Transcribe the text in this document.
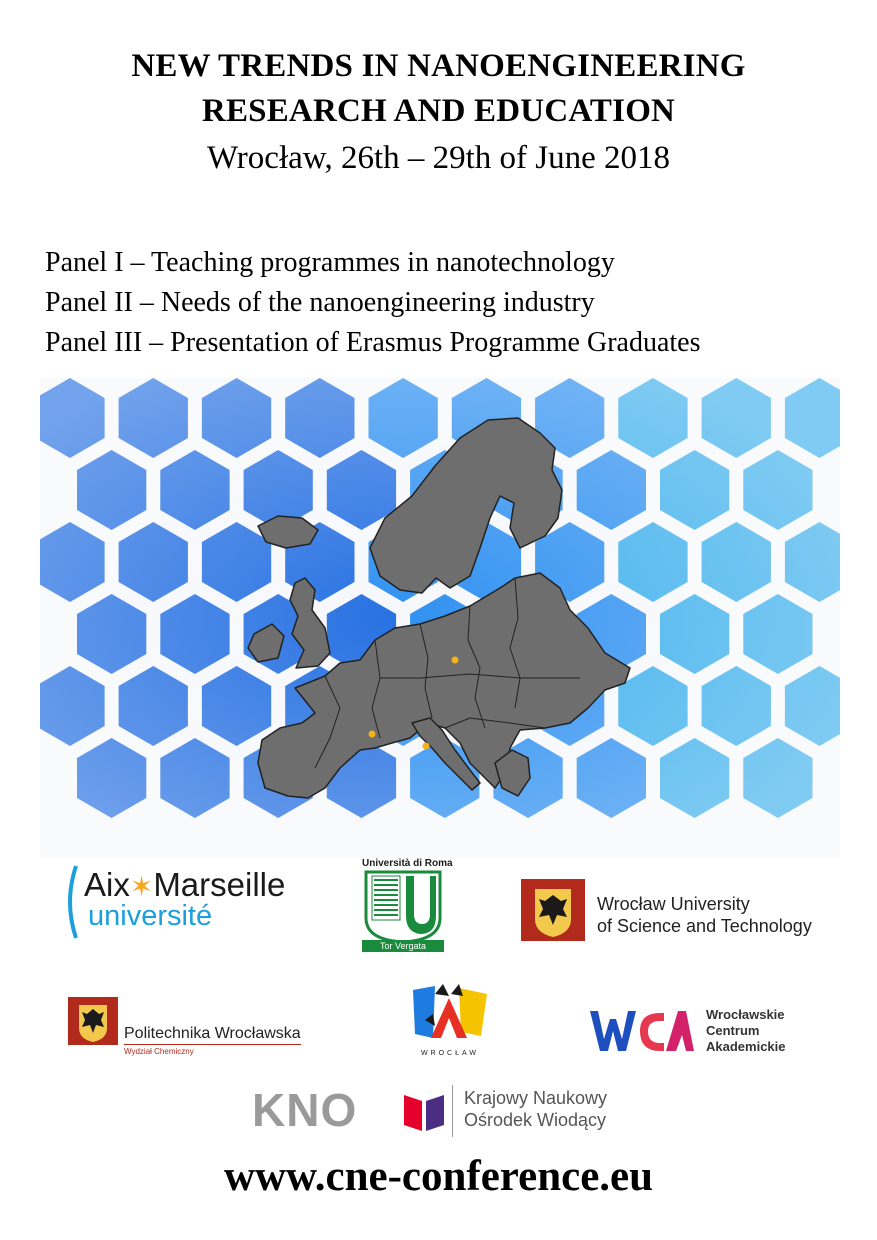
NEW TRENDS IN NANOENGINEERING
RESEARCH AND EDUCATION

Wrocław, 26th – 29th of June 2018

Panel I – Teaching programmes in nanotechnology
Panel II – Needs of the nanoengineering industry
Panel III – Presentation of Erasmus Programme Graduates
Aix✶Marseille
université
Università di Roma
Tor Vergata
Wrocław University
of Science and Technology
Politechnika Wrocławska
Wydział Chemiczny	WROCŁAW
Wrocławskie
Centrum
Akademickie
KNO	Krajowy Naukowy
Ośrodek Wiodący

www.cne-conference.eu
